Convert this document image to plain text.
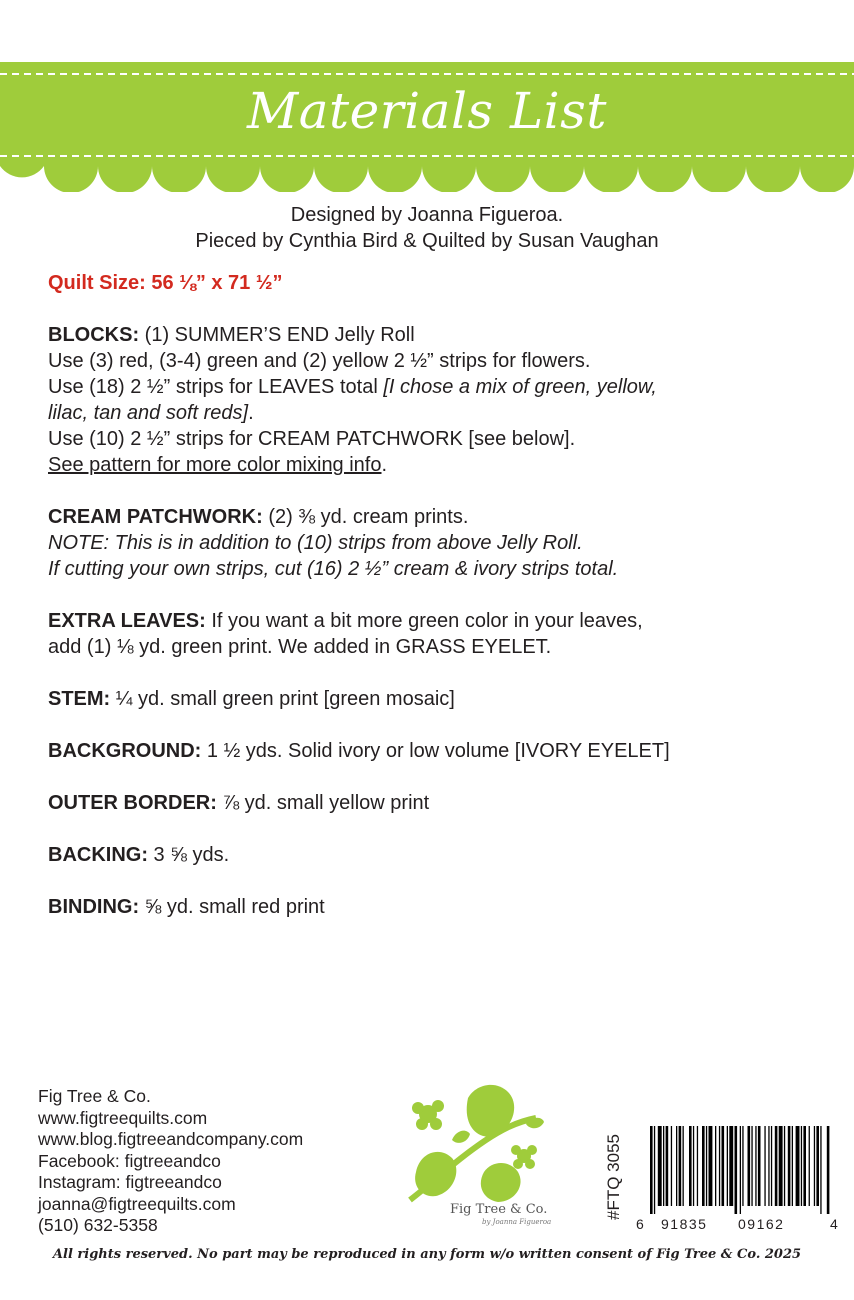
Materials List
Designed by Joanna Figueroa.
Pieced by Cynthia Bird & Quilted by Susan Vaughan
Quilt Size: 56 ⅛” x 71 ½”
BLOCKS: (1) SUMMER’S END Jelly Roll
Use (3) red, (3-4) green and (2) yellow 2 ½” strips for flowers.
Use (18) 2 ½” strips for LEAVES total [I chose a mix of green, yellow,
lilac, tan and soft reds].
Use (10) 2 ½” strips for CREAM PATCHWORK [see below].
See pattern for more color mixing info.
CREAM PATCHWORK: (2) ⅜ yd. cream prints.
NOTE: This is in addition to (10) strips from above Jelly Roll.
If cutting your own strips, cut (16) 2 ½” cream & ivory strips total.
EXTRA LEAVES: If you want a bit more green color in your leaves,
add (1) ⅛ yd. green print. We added in GRASS EYELET.
STEM: ¼ yd. small green print [green mosaic]
BACKGROUND: 1 ½ yds. Solid ivory or low volume [IVORY EYELET]
OUTER BORDER: ⅞ yd. small yellow print
BACKING: 3 ⅝ yds.
BINDING: ⅝ yd. small red print
Fig Tree & Co.
www.figtreequilts.com
www.blog.figtreeandcompany.com
Facebook: figtreeandco
Instagram: figtreeandco
joanna@figtreequilts.com
(510) 632-5358
Fig Tree & Co.
by Joanna Figueroa
#FTQ 3055
6 91835 09162	4
All rights reserved. No part may be reproduced in any form w/o written consent of Fig Tree & Co. 2025
